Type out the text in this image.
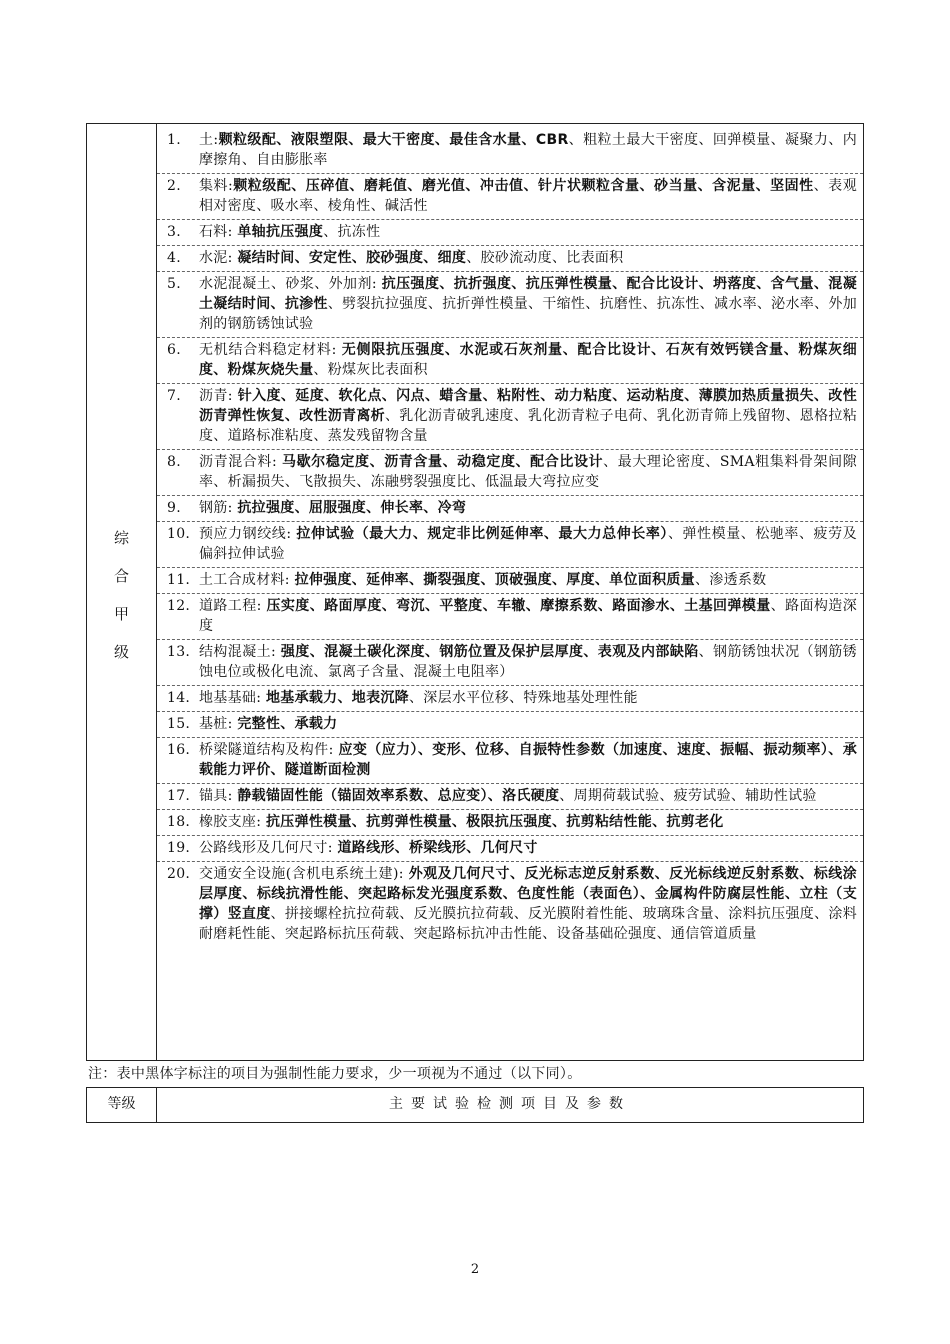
综
合
甲
级
1. 土:颗粒级配、液限塑限、最大干密度、最佳含水量、CBR、粗粒土最大干密度、回弹模量、凝聚力、内摩擦角、自由膨胀率
2. 集料:颗粒级配、压碎值、磨耗值、磨光值、冲击值、针片状颗粒含量、砂当量、含泥量、坚固性、表观相对密度、吸水率、棱角性、碱活性
3. 石料: 单轴抗压强度、抗冻性
4. 水泥: 凝结时间、安定性、胶砂强度、细度、胶砂流动度、比表面积
5. 水泥混凝土、砂浆、外加剂: 抗压强度、抗折强度、抗压弹性模量、配合比设计、坍落度、含气量、混凝土凝结时间、抗渗性、劈裂抗拉强度、抗折弹性模量、干缩性、抗磨性、抗冻性、减水率、泌水率、外加剂的钢筋锈蚀试验
6. 无机结合料稳定材料: 无侧限抗压强度、水泥或石灰剂量、配合比设计、石灰有效钙镁含量、粉煤灰细度、粉煤灰烧失量、粉煤灰比表面积
7. 沥青: 针入度、延度、软化点、闪点、蜡含量、粘附性、动力粘度、运动粘度、薄膜加热质量损失、改性沥青弹性恢复、改性沥青离析、乳化沥青破乳速度、乳化沥青粒子电荷、乳化沥青筛上残留物、恩格拉粘度、道路标准粘度、蒸发残留物含量
8. 沥青混合料: 马歇尔稳定度、沥青含量、动稳定度、配合比设计、最大理论密度、SMA粗集料骨架间隙率、析漏损失、飞散损失、冻融劈裂强度比、低温最大弯拉应变
9. 钢筋: 抗拉强度、屈服强度、伸长率、冷弯
10. 预应力钢绞线: 拉伸试验（最大力、规定非比例延伸率、最大力总伸长率）、弹性模量、松驰率、疲劳及偏斜拉伸试验
11. 土工合成材料: 拉伸强度、延伸率、撕裂强度、顶破强度、厚度、单位面积质量、渗透系数
12. 道路工程: 压实度、路面厚度、弯沉、平整度、车辙、摩擦系数、路面渗水、土基回弹模量、路面构造深度
13. 结构混凝土: 强度、混凝土碳化深度、钢筋位置及保护层厚度、表观及内部缺陷、钢筋锈蚀状况（钢筋锈蚀电位或极化电流、氯离子含量、混凝土电阻率）
14. 地基基础: 地基承载力、地表沉降、深层水平位移、特殊地基处理性能
15. 基桩: 完整性、承载力
16. 桥梁隧道结构及构件: 应变（应力）、变形、位移、自振特性参数（加速度、速度、振幅、振动频率）、承载能力评价、隧道断面检测
17. 锚具: 静载锚固性能（锚固效率系数、总应变）、洛氏硬度、周期荷载试验、疲劳试验、辅助性试验
18. 橡胶支座: 抗压弹性模量、抗剪弹性模量、极限抗压强度、抗剪粘结性能、抗剪老化
19. 公路线形及几何尺寸: 道路线形、桥梁线形、几何尺寸
20. 交通安全设施(含机电系统土建): 外观及几何尺寸、反光标志逆反射系数、反光标线逆反射系数、标线涂层厚度、标线抗滑性能、突起路标发光强度系数、色度性能（表面色）、金属构件防腐层性能、立柱（支撑）竖直度、拼接螺栓抗拉荷载、反光膜抗拉荷载、反光膜附着性能、玻璃珠含量、涂料抗压强度、涂料耐磨耗性能、突起路标抗压荷载、突起路标抗冲击性能、设备基础砼强度、通信管道质量
注：表中黑体字标注的项目为强制性能力要求，少一项视为不通过（以下同）。
等级	主要试验检测项目及参数
2
